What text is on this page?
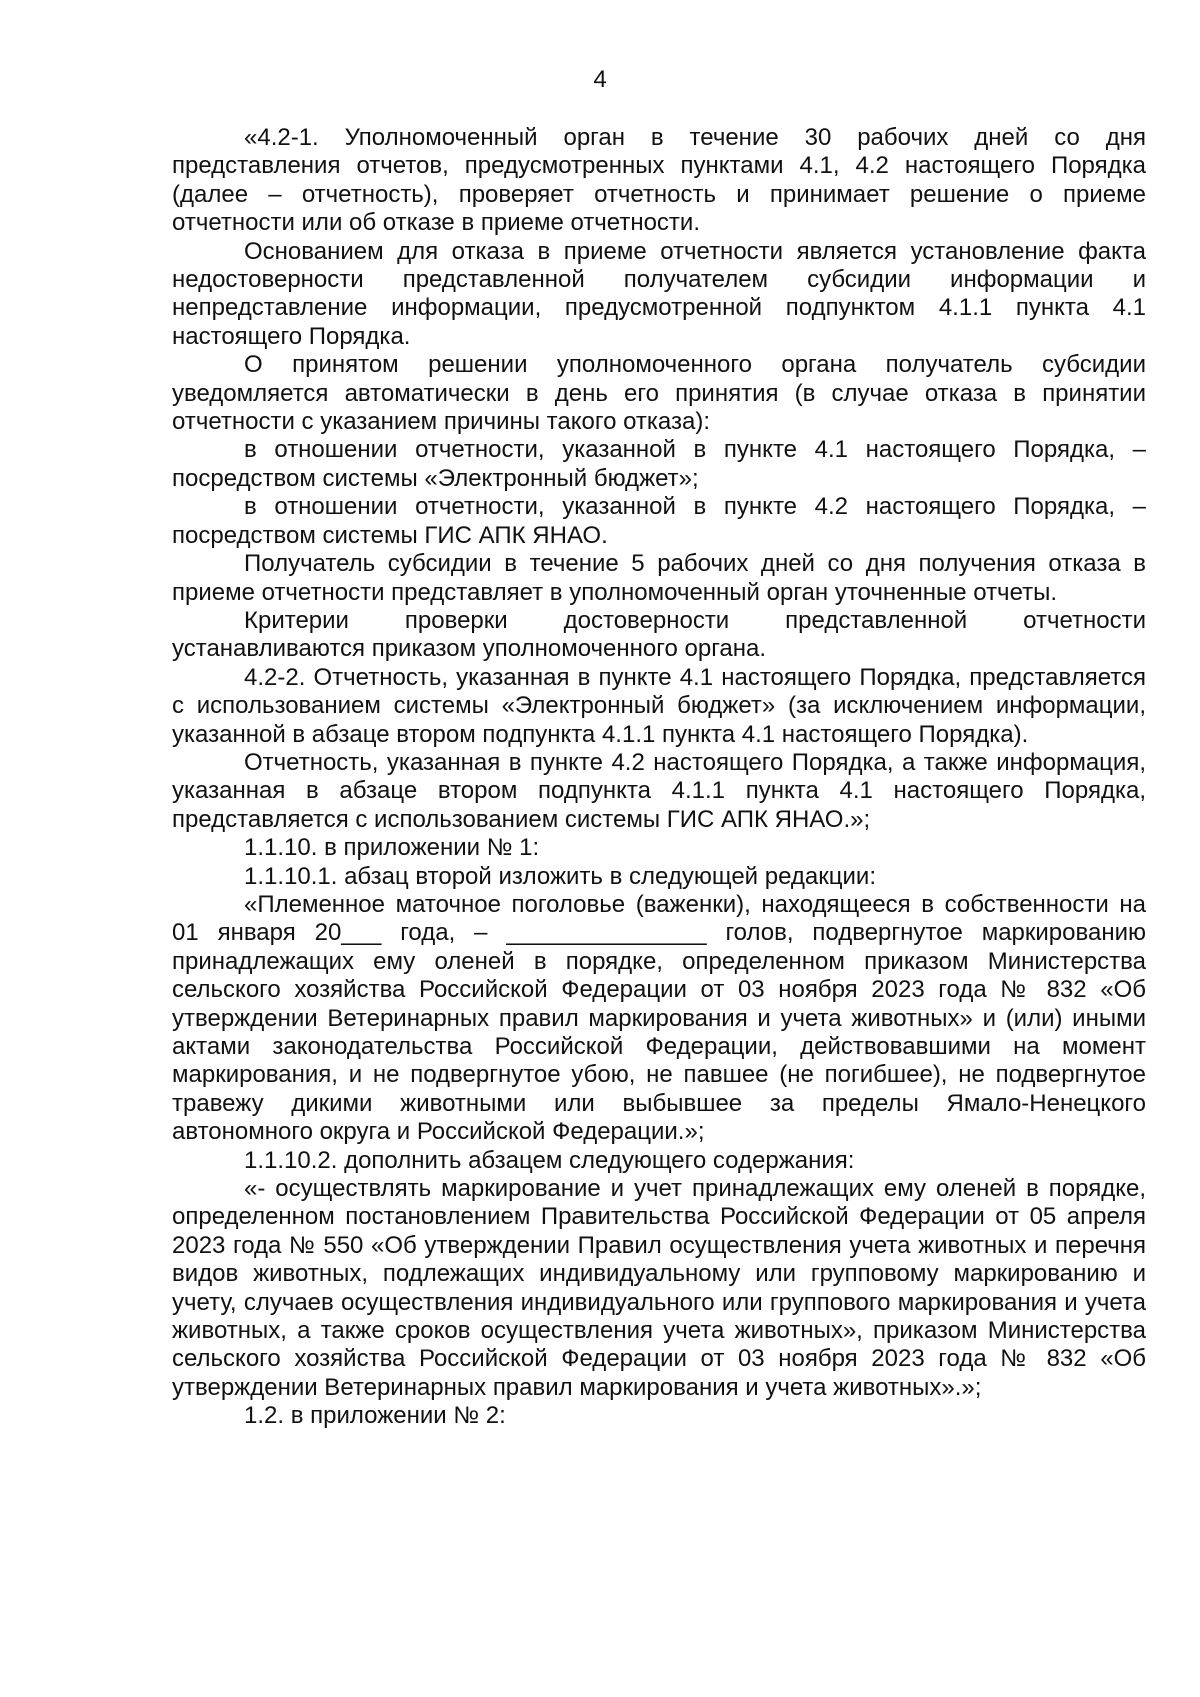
4

«4.2-1. Уполномоченный орган в течение 30 рабочих дней со дня представления отчетов, предусмотренных пунктами 4.1, 4.2 настоящего Порядка (далее – отчетность), проверяет отчетность и принимает решение о приеме отчетности или об отказе в приеме отчетности.

Основанием для отказа в приеме отчетности является установление факта недостоверности представленной получателем субсидии информации и непредставление информации, предусмотренной подпунктом 4.1.1 пункта 4.1 настоящего Порядка.

О принятом решении уполномоченного органа получатель субсидии уведомляется автоматически в день его принятия (в случае отказа в принятии отчетности с указанием причины такого отказа):

в отношении отчетности, указанной в пункте 4.1 настоящего Порядка, – посредством системы «Электронный бюджет»;

в отношении отчетности, указанной в пункте 4.2 настоящего Порядка, – посредством системы ГИС АПК ЯНАО.

Получатель субсидии в течение 5 рабочих дней со дня получения отказа в приеме отчетности представляет в уполномоченный орган уточненные отчеты.

Критерии проверки достоверности представленной отчетности устанавливаются приказом уполномоченного органа.

4.2-2. Отчетность, указанная в пункте 4.1 настоящего Порядка, представляется с использованием системы «Электронный бюджет» (за исключением информации, указанной в абзаце втором подпункта 4.1.1 пункта 4.1 настоящего Порядка).

Отчетность, указанная в пункте 4.2 настоящего Порядка, а также информация, указанная в абзаце втором подпункта 4.1.1 пункта 4.1 настоящего Порядка, представляется с использованием системы ГИС АПК ЯНАО.»;

1.1.10. в приложении № 1:

1.1.10.1. абзац второй изложить в следующей редакции:

«Племенное маточное поголовье (важенки), находящееся в собственности на 01 января 20___ года, – _______________ голов, подвергнутое маркированию принадлежащих ему оленей в порядке, определенном приказом Министерства сельского хозяйства Российской Федерации от 03 ноября 2023 года № 832 «Об утверждении Ветеринарных правил маркирования и учета животных» и (или) иными актами законодательства Российской Федерации, действовавшими на момент маркирования, и не подвергнутое убою, не павшее (не погибшее), не подвергнутое травежу дикими животными или выбывшее за пределы Ямало-Ненецкого автономного округа и Российской Федерации.»;

1.1.10.2. дополнить абзацем следующего содержания:

«- осуществлять маркирование и учет принадлежащих ему оленей в порядке, определенном постановлением Правительства Российской Федерации от 05 апреля 2023 года № 550 «Об утверждении Правил осуществления учета животных и перечня видов животных, подлежащих индивидуальному или групповому маркированию и учету, случаев осуществления индивидуального или группового маркирования и учета животных, а также сроков осуществления учета животных», приказом Министерства сельского хозяйства Российской Федерации от 03 ноября 2023 года № 832 «Об утверждении Ветеринарных правил маркирования и учета животных».»;

1.2. в приложении № 2:
